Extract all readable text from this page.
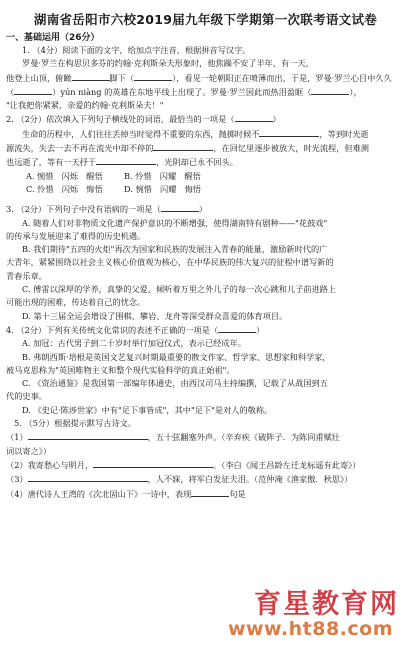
湖南省岳阳市六校2019届九年级下学期第一次联考语文试卷
一、基础运用（26分）
1. （4分）阅读下面的文字，给加点字注音，根据拼音写汉字。
罗曼·罗兰在构思贝多芬的约翰·克利斯朵夫形象时，他焦躁不安了半年，有一天，
他登上山顶，俯瞰	脚下（	），看见一轮朝阳正在喷薄而出，于是，罗曼·罗兰心目中久久
（	）yún niàng 的英雄在东地平线上出现了。罗曼·罗兰因此而热泪盈眶（	），
"让我把你紧紧，亲爱的约翰·克利斯朵夫！"
2. （2分）依次填入下列句子横线处的词语，最恰当的一项是（	）
生命的历程中，人们往往丢掉当时觉得不重要的东西，抛掷时候不	，等到时光逝
源流失，失去一去不再在流光中却不停的	，在回忆里逐步被放大，时光流程，但难测
也远逝了，等有一天抒于	，光阴却已永不回头。
A. 惋惜　闪烁　醒悟	B. 怜惜　闪耀　醒悟
C. 怜惜　闪烁　悔悟	D. 惋惜　闪耀　悔悟
3. （2分）下列句子中没有语病的一项是（	）
A. 随着人们对非物质文化遗产保护意识的不断增强，使得湖南特有剧种——"花鼓戏"
的传承与发展迎来了难得的历史机遇。
B. 我们期待"五四的火炬"再次为国家和民族的发展注入青春的能量，激励新时代的广
大青年，紧紧围绕以社会主义核心价值观为核心，在中华民族的伟大复兴的征程中谱写新的
青春乐章。
C. 傅雷以深厚的学养，真挚的父爱，倾听着万里之外儿子的每一次心跳和儿子前进路上
可能出现的困难，传达着自己的忧念。
D. 第十三届全运会增设了围棋、攀岩、龙舟等深受群众喜爱的体育项目。
4. （2分）下列有关传统文化常识的表述不正确的一项是（	）
A. 加冠：古代男子到二十岁时举行加冠仪式，表示已经成年。
B. 弗朗西斯·培根是英国文艺复兴时期最重要的散文作家、哲学家、思想家和科学家，
被马克思称为"英国唯物主义和整个现代实验科学的真正始祖"。
C. 《资治通鉴》是我国第一部编年体通史，由西汉司马主持编撰，记载了从战国到五
代的史事。
D. 《史记·陈涉世家》中有"足下事皆成"，其中"足下"是对人的敬称。
5. （5分）根据提示默写古诗文。
（1）	，五十弦翻塞外声。（辛弃疾《破阵子．为陈同甫赋壮
词以寄之》）
（2）我寄愁心与明月，	。（李白《闻王昌龄左迁龙标遥有此寄》）
（3）	，人不寐，将军白发征夫泪。（范仲淹《渔家傲．秋思》）
（4）唐代诗人王湾的《次北固山下》一诗中，表现	句是
育星教育网
www.ht88.com
